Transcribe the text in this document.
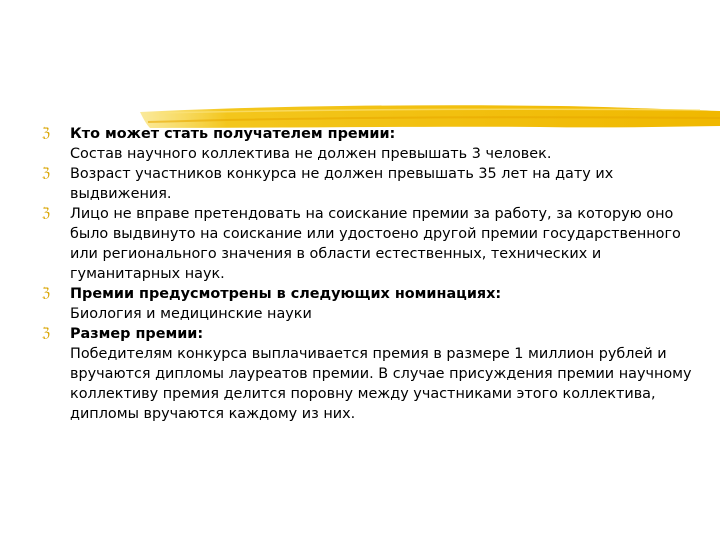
ℨ Кто может стать получателем премии:
Состав научного коллектива не должен превышать 3 человек.
ℨ Возраст участников конкурса не должен превышать 35 лет на дату их выдвижения.
ℨ Лицо не вправе претендовать на соискание премии за работу, за которую оно было выдвинуто на соискание или удостоено другой премии государственного или регионального значения в области естественных, технических и гуманитарных наук.
ℨ Премии предусмотрены в следующих номинациях:
Биология и медицинские науки
ℨ Размер премии:
Победителям конкурса выплачивается премия в размере 1 миллион рублей и вручаются дипломы лауреатов премии. В случае присуждения премии научному коллективу премия делится поровну между участниками этого коллектива, дипломы вручаются каждому из них.
